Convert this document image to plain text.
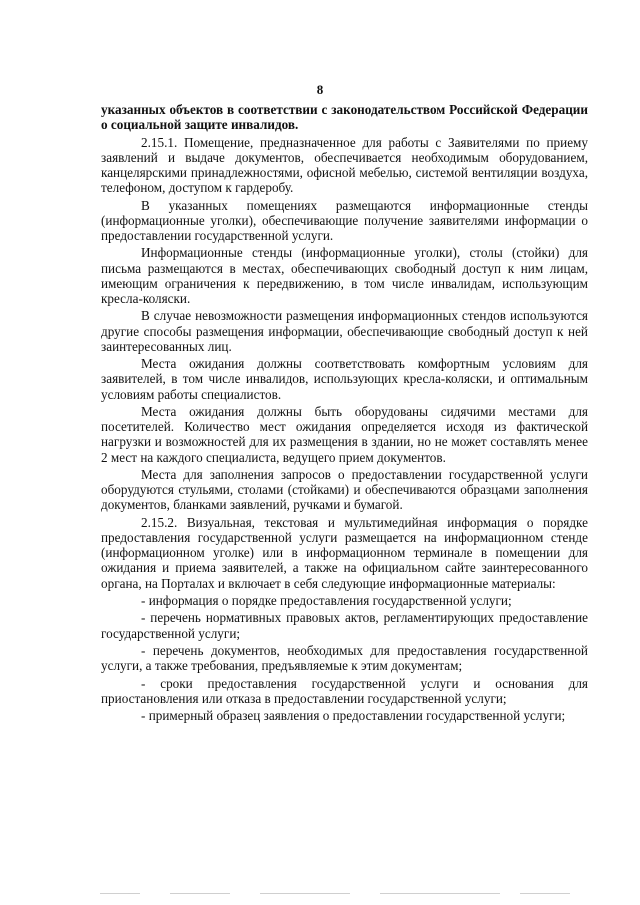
8

указанных объектов в соответствии с законодательством Российской Федерации о социальной защите инвалидов.

2.15.1. Помещение, предназначенное для работы с Заявителями по приему заявлений и выдаче документов, обеспечивается необходимым оборудованием, канцелярскими принадлежностями, офисной мебелью, системой вентиляции воздуха, телефоном, доступом к гардеробу.

В указанных помещениях размещаются информационные стенды (информационные уголки), обеспечивающие получение заявителями информации о предоставлении государственной услуги.

Информационные стенды (информационные уголки), столы (стойки) для письма размещаются в местах, обеспечивающих свободный доступ к ним лицам, имеющим ограничения к передвижению, в том числе инвалидам, использующим кресла-коляски.

В случае невозможности размещения информационных стендов используются другие способы размещения информации, обеспечивающие свободный доступ к ней заинтересованных лиц.

Места ожидания должны соответствовать комфортным условиям для заявителей, в том числе инвалидов, использующих кресла-коляски, и оптимальным условиям работы специалистов.

Места ожидания должны быть оборудованы сидячими местами для посетителей. Количество мест ожидания определяется исходя из фактической нагрузки и возможностей для их размещения в здании, но не может составлять менее 2 мест на каждого специалиста, ведущего прием документов.

Места для заполнения запросов о предоставлении государственной услуги оборудуются стульями, столами (стойками) и обеспечиваются образцами заполнения документов, бланками заявлений, ручками и бумагой.

2.15.2. Визуальная, текстовая и мультимедийная информация о порядке предоставления государственной услуги размещается на информационном стенде (информационном уголке) или в информационном терминале в помещении для ожидания и приема заявителей, а также на официальном сайте заинтересованного органа, на Порталах и включает в себя следующие информационные материалы:

- информация о порядке предоставления государственной услуги;

- перечень нормативных правовых актов, регламентирующих предоставление государственной услуги;

- перечень документов, необходимых для предоставления государственной услуги, а также требования, предъявляемые к этим документам;

- сроки предоставления государственной услуги и основания для приостановления или отказа в предоставлении государственной услуги;

- примерный образец заявления о предоставлении государственной услуги;
